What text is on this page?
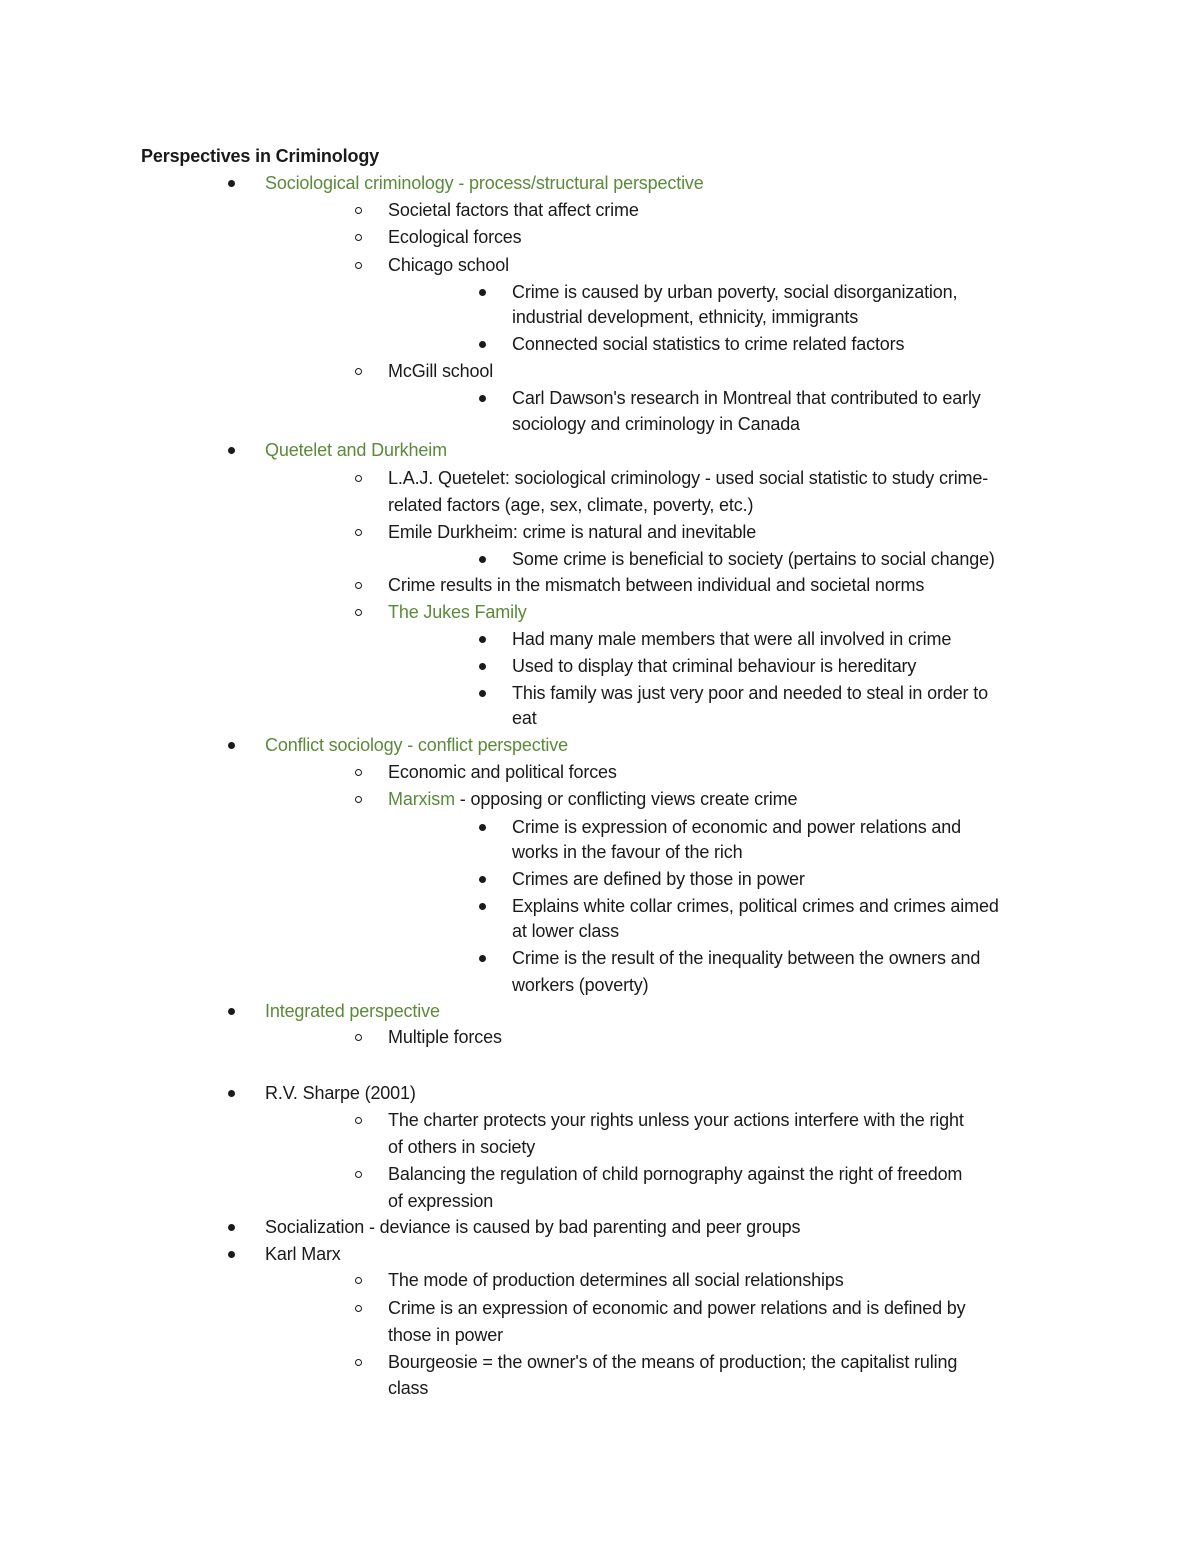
Perspectives in Criminology
Sociological criminology - process/structural perspective
Societal factors that affect crime
Ecological forces
Chicago school
Crime is caused by urban poverty, social disorganization,
industrial development, ethnicity, immigrants
Connected social statistics to crime related factors
McGill school
Carl Dawson's research in Montreal that contributed to early
sociology and criminology in Canada
Quetelet and Durkheim
L.A.J. Quetelet: sociological criminology - used social statistic to study crime-
related factors (age, sex, climate, poverty, etc.)
Emile Durkheim: crime is natural and inevitable
Some crime is beneficial to society (pertains to social change)
Crime results in the mismatch between individual and societal norms
The Jukes Family
Had many male members that were all involved in crime
Used to display that criminal behaviour is hereditary
This family was just very poor and needed to steal in order to
eat
Conflict sociology - conflict perspective
Economic and political forces
Marxism - opposing or conflicting views create crime
Crime is expression of economic and power relations and
works in the favour of the rich
Crimes are defined by those in power
Explains white collar crimes, political crimes and crimes aimed
at lower class
Crime is the result of the inequality between the owners and
workers (poverty)
Integrated perspective
Multiple forces
R.V. Sharpe (2001)
The charter protects your rights unless your actions interfere with the right
of others in society
Balancing the regulation of child pornography against the right of freedom
of expression
Socialization - deviance is caused by bad parenting and peer groups
Karl Marx
The mode of production determines all social relationships
Crime is an expression of economic and power relations and is defined by
those in power
Bourgeosie = the owner's of the means of production; the capitalist ruling
class
